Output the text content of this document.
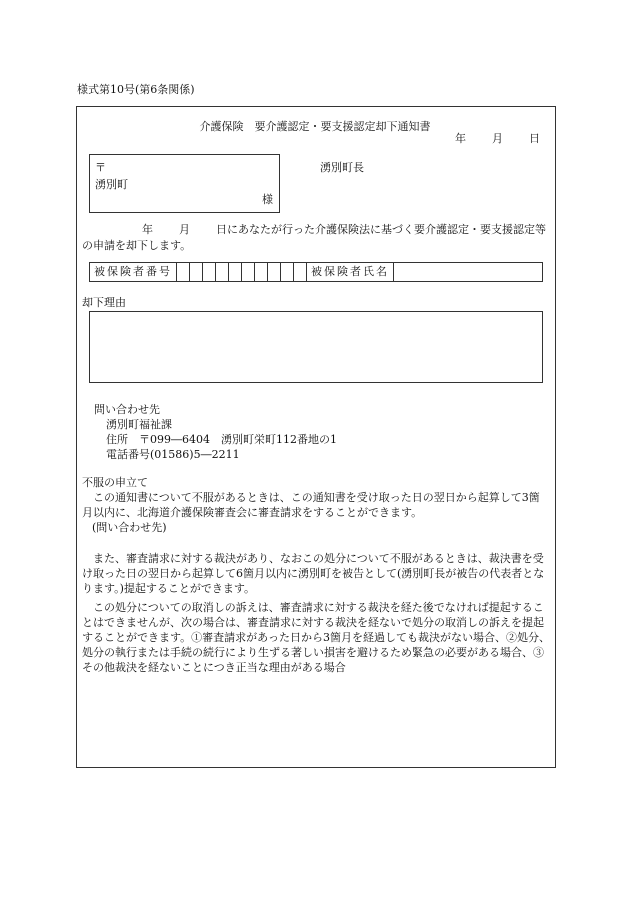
様式第10号(第6条関係)
介護保険　要介護認定・要支援認定却下通知書
年 月 日
〒
湧別町
様
湧別町長
年 月 日にあなたが行った介護保険法に基づく要介護認定・要支援認定等の申請を却下します。
被保険者番号	被保険者氏名
却下理由
問い合わせ先
湧別町福祉課
住所　〒099―6404　湧別町栄町112番地の1
電話番号(01586)5―2211
不服の申立て
この通知書について不服があるときは、この通知書を受け取った日の翌日から起算して3箇月以内に、北海道介護保険審査会に審査請求をすることができます。
(問い合わせ先)
また、審査請求に対する裁決があり、なおこの処分について不服があるときは、裁決書を受け取った日の翌日から起算して6箇月以内に湧別町を被告として(湧別町長が被告の代表者となります。)提起することができます。
この処分についての取消しの訴えは、審査請求に対する裁決を経た後でなければ提起することはできませんが、次の場合は、審査請求に対する裁決を経ないで処分の取消しの訴えを提起することができます。①審査請求があった日から3箇月を経過しても裁決がない場合、②処分、処分の執行または手続の続行により生ずる著しい損害を避けるため緊急の必要がある場合、③その他裁決を経ないことにつき正当な理由がある場合
